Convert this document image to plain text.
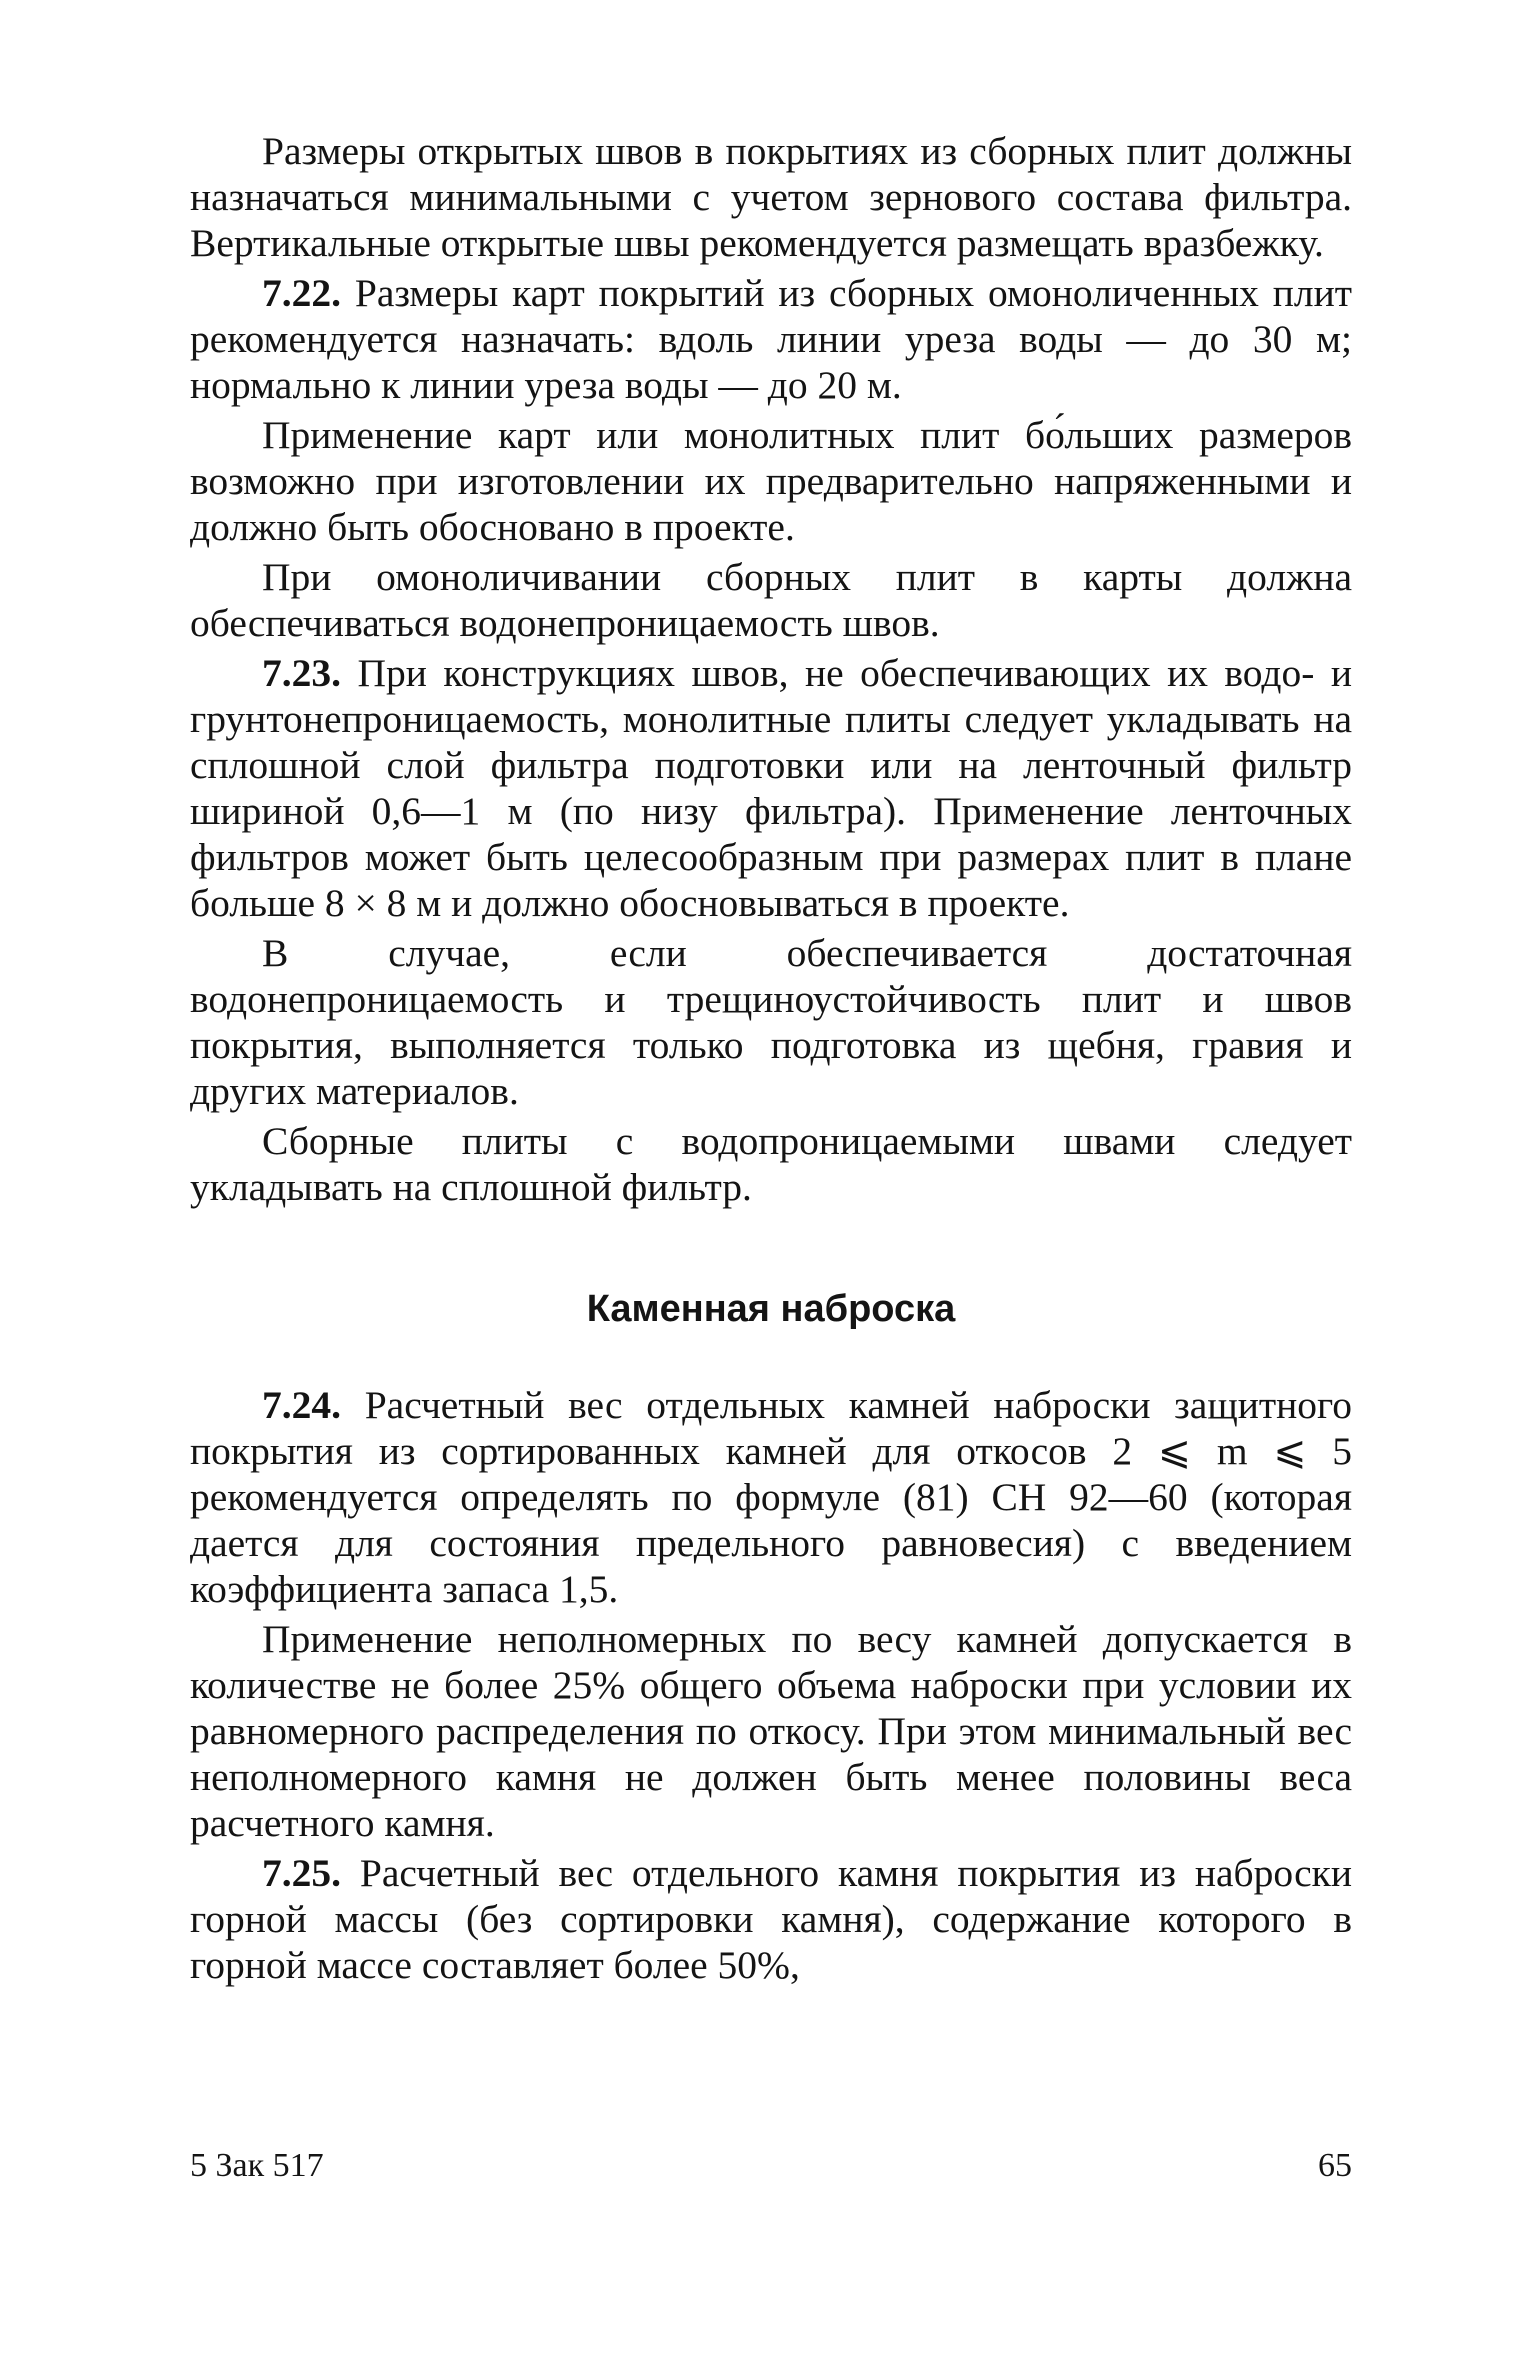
Размеры открытых швов в покрытиях из сборных плит должны назначаться минимальными с учетом зернового состава фильтра. Вертикальные открытые швы рекомендуется размещать вразбежку.

7.22. Размеры карт покрытий из сборных омоноличенных плит рекомендуется назначать: вдоль линии уреза воды — до 30 м; нормально к линии уреза воды — до 20 м.

Применение карт или монолитных плит бо́льших размеров возможно при изготовлении их предварительно напряженными и должно быть обосновано в проекте.

При омоноличивании сборных плит в карты должна обеспечиваться водонепроницаемость швов.

7.23. При конструкциях швов, не обеспечивающих их водо- и грунтонепроницаемость, монолитные плиты следует укладывать на сплошной слой фильтра подготовки или на ленточный фильтр шириной 0,6—1 м (по низу фильтра). Применение ленточных фильтров может быть целесообразным при размерах плит в плане больше 8 × 8 м и должно обосновываться в проекте.

В случае, если обеспечивается достаточная водонепроницаемость и трещиноустойчивость плит и швов покрытия, выполняется только подготовка из щебня, гравия и других материалов.

Сборные плиты с водопроницаемыми швами следует укладывать на сплошной фильтр.

Каменная наброска

7.24. Расчетный вес отдельных камней наброски защитного покрытия из сортированных камней для откосов 2 ⩽ m ⩽ 5 рекомендуется определять по формуле (81) СН 92—60 (которая дается для состояния предельного равновесия) с введением коэффициента запаса 1,5.

Применение неполномерных по весу камней допускается в количестве не более 25% общего объема наброски при условии их равномерного распределения по откосу. При этом минимальный вес неполномерного камня не должен быть менее половины веса расчетного камня.

7.25. Расчетный вес отдельного камня покрытия из наброски горной массы (без сортировки камня), содержание которого в горной массе составляет более 50%,

5 Зак 517	65
